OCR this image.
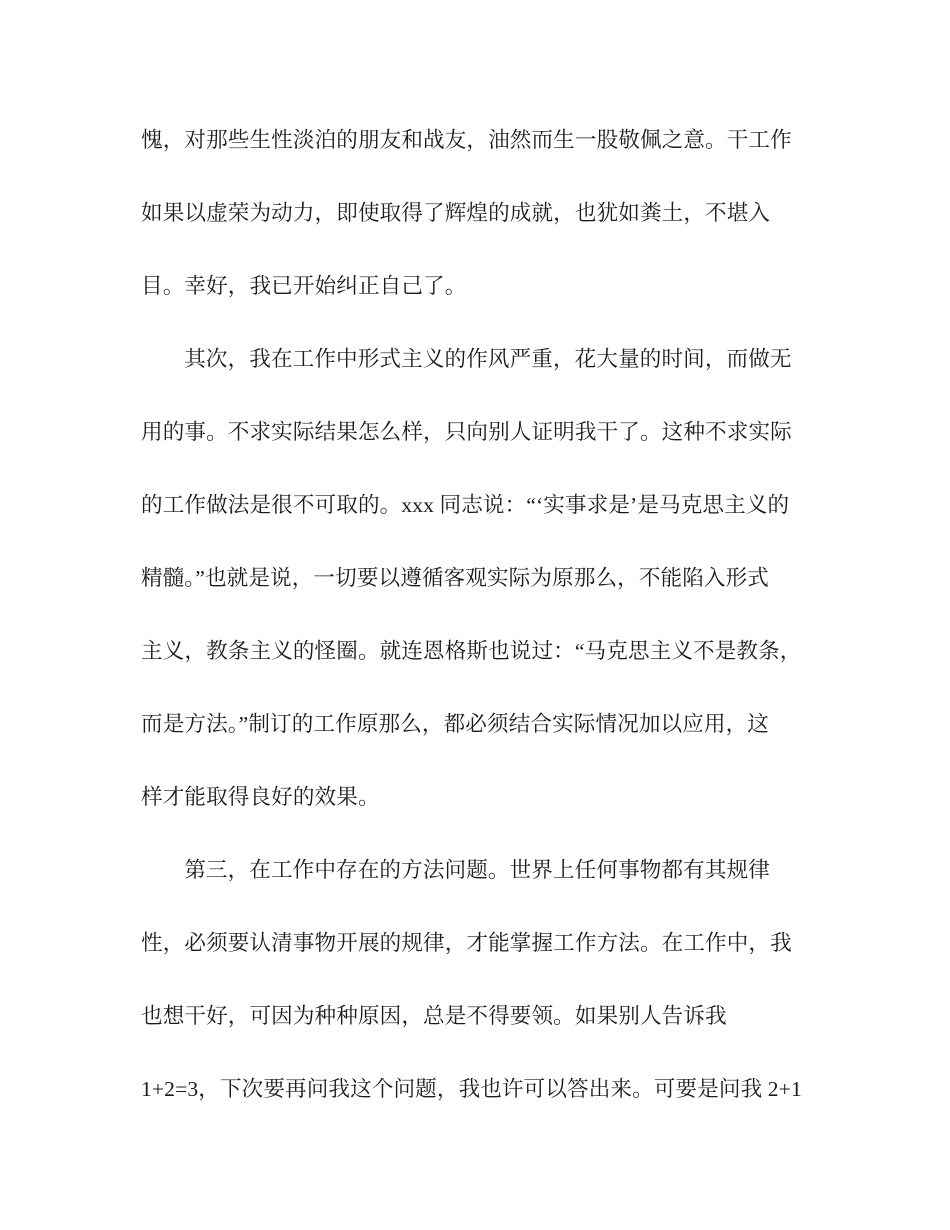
愧，对那些生性淡泊的朋友和战友，油然而生一股敬佩之意。干工作
如果以虚荣为动力，即使取得了辉煌的成就，也犹如粪土，不堪入
目。幸好，我已开始纠正自己了。
其次，我在工作中形式主义的作风严重，花大量的时间，而做无
用的事。不求实际结果怎么样，只向别人证明我干了。这种不求实际
的工作做法是很不可取的。xxx 同志说：“‘实事求是’是马克思主义的
精髓。”也就是说，一切要以遵循客观实际为原那么，不能陷入形式
主义，教条主义的怪圈。就连恩格斯也说过：“马克思主义不是教条，
而是方法。”制订的工作原那么，都必须结合实际情况加以应用，这
样才能取得良好的效果。
第三，在工作中存在的方法问题。世界上任何事物都有其规律
性，必须要认清事物开展的规律，才能掌握工作方法。在工作中，我
也想干好，可因为种种原因，总是不得要领。如果别人告诉我
1+2=3，下次要再问我这个问题，我也许可以答出来。可要是问我 2+1
